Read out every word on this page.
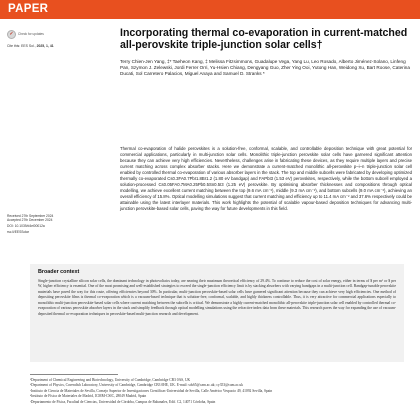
PAPER
✓	Check for updates
Cite this: EES Sol., 2025, 1, 41
Received 27th September 2024
Accepted 27th December 2024
DOI: 10.1039/d4el00012a
rsc.li/EESSolar
Incorporating thermal co-evaporation in current-matched all-perovskite triple-junction solar cells†
Terry Chien-Jen Yang, ‡* Taeheon Kang, ‡ Melissa Fitzsimmons, Guadalupe Vega, Yang Lu, Leo Rosado, Alberto Jiménez-Solano, Linfeng Pan, Szymon J. Zelewski, Jordi Ferrer Orri, Yu-Hsien Chiang, Dengyang Guo, Zher Ying Ooi, Yutong Han, Weidong Xu, Bart Roose, Caterina Ducati, Sol Carretero Palacios, Miguel Anaya and Samuel D. Stranks *
Thermal co-evaporation of halide perovskites is a solution-free, conformal, scalable, and controllable deposition technique with great potential for commercial applications, particularly in multi-junction solar cells. Monolithic triple-junction perovskite solar cells have garnered significant attention because they can achieve very high efficiencies. Nevertheless, challenges arise in fabricating these devices, as they require multiple layers and precise current matching across complex absorber stacks. Here we demonstrate a current-matched monolithic all-perovskite p–i–n triple-junction solar cell enabled by controlled thermal co-evaporation of various absorber layers in the stack. The top and middle subcells were fabricated by developing optimized thermally co-evaporated Cs0.3FA0.7PbI1.8Br1.2 (1.80 eV bandgap) and FAPbI3 (1.53 eV) perovskites, respectively, while the bottom subcell employed a solution-processed Cs0.05FA0.7MA0.25Pb0.5Sn0.5I3 (1.25 eV) perovskite. By optimising absorber thicknesses and compositions through optical modelling, we achieve excellent current matching between the top (9.6 mA cm⁻²), middle (9.3 mA cm⁻²), and bottom subcells (9.0 mA cm⁻²), achieving an overall efficiency of 15.8%. Optical modelling simulations suggest that current matching and efficiency up to 11.4 mA cm⁻² and 37.6% respectively could be attainable using the latest interlayer materials. This work highlights the potential of scalable vapour-based deposition techniques for advancing multi-junction perovskite-based solar cells, paving the way for future developments in this field.
Broader context
Single-junction crystalline silicon solar cells, the dominant technology in photovoltaics today, are nearing their maximum theoretical efficiency of 29.4%. To continue to reduce the cost of solar energy, either in terms of $ per m² or $ per W, higher efficiency is essential. One of the most promising and well-established strategies to exceed the single-junction efficiency limit is by stacking absorbers with varying bandgaps in a multi-junction cell. Bandgap-tunable perovskite materials have paved the way for this route, offering efficiencies beyond 30%. In particular, multi-junction perovskite-based solar cells have garnered significant attention because they can achieve very high efficiencies. One method of depositing perovskite films is thermal co-evaporation which is a vacuum-based technique that is solution-free, conformal, scalable, and highly thickness controllable. Thus, it is very attractive for commercial applications especially to monolithic multi-junction perovskite-based solar cells where current matching between the subcells is critical. We demonstrate a highly current-matched monolithic all-perovskite triple-junction solar cell enabled by controlled thermal co-evaporation of various perovskite absorber layers in the stack and simplify feedback through optical modelling simulations using the refractive index data from these materials. This research paves the way for expanding the use of vacuum-deposited thermal co-evaporation techniques in perovskite-based multi-junction research and development.
ªDepartment of Chemical Engineering and Biotechnology, University of Cambridge, Cambridge CB3 0AS, UK
ᵇDepartment of Physics, Cavendish Laboratory, University of Cambridge, Cambridge CB3 0HE, UK. E-mail: sds65@cam.ac.uk; cy353@cam.ac.uk
ᶜInstituto de Ciencia de Materiales de Sevilla, Consejo Superior de Investigaciones Científicas-Universidad de Sevilla, Calle Américo Vespucio 49, 41092 Sevilla, Spain
ᵈInstituto de Física de Materiales de Madrid, ICMM-CSIC, 28049 Madrid, Spain
ᵉDepartamento de Física, Facultad de Ciencias, Universidad de Córdoba, Campus de Rabanales, Edif. C2, 14071 Córdoba, Spain
